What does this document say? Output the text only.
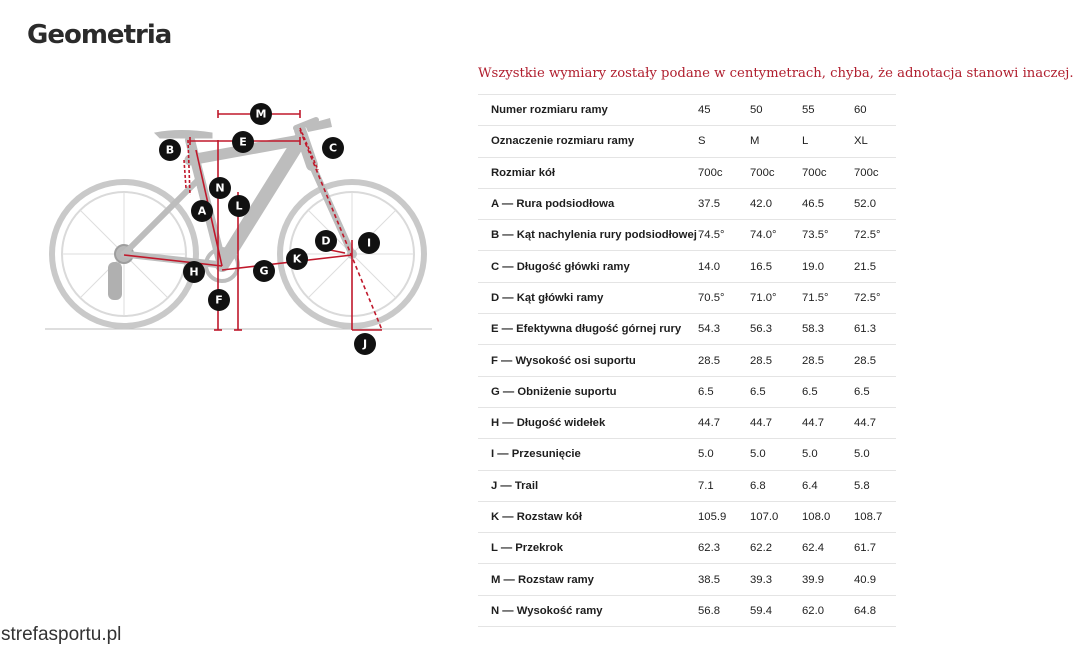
Geometria
Wszystkie wymiary zostały podane w centymetrach, chyba, że adnotacja stanowi inaczej.
M
E	C
B
N
A	L
D	I
K
H	G
F
J
Numer rozmiaru ramy	45	50	55	60
Oznaczenie rozmiaru ramy	S	M	L	XL
Rozmiar kół	700c	700c	700c	700c
A — Rura podsiodłowa	37.5	42.0	46.5	52.0
B — Kąt nachylenia rury podsiodłowej	74.5°	74.0°	73.5°	72.5°
C — Długość główki ramy	14.0	16.5	19.0	21.5
D — Kąt główki ramy	70.5°	71.0°	71.5°	72.5°
E — Efektywna długość górnej rury	54.3	56.3	58.3	61.3
F — Wysokość osi suportu	28.5	28.5	28.5	28.5
G — Obniżenie suportu	6.5	6.5	6.5	6.5
H — Długość widełek	44.7	44.7	44.7	44.7
I — Przesunięcie	5.0	5.0	5.0	5.0
J — Trail	7.1	6.8	6.4	5.8
K — Rozstaw kół	105.9	107.0	108.0	108.7
L — Przekrok	62.3	62.2	62.4	61.7
M — Rozstaw ramy	38.5	39.3	39.9	40.9
N — Wysokość ramy	56.8	59.4	62.0	64.8
strefasportu.pl
